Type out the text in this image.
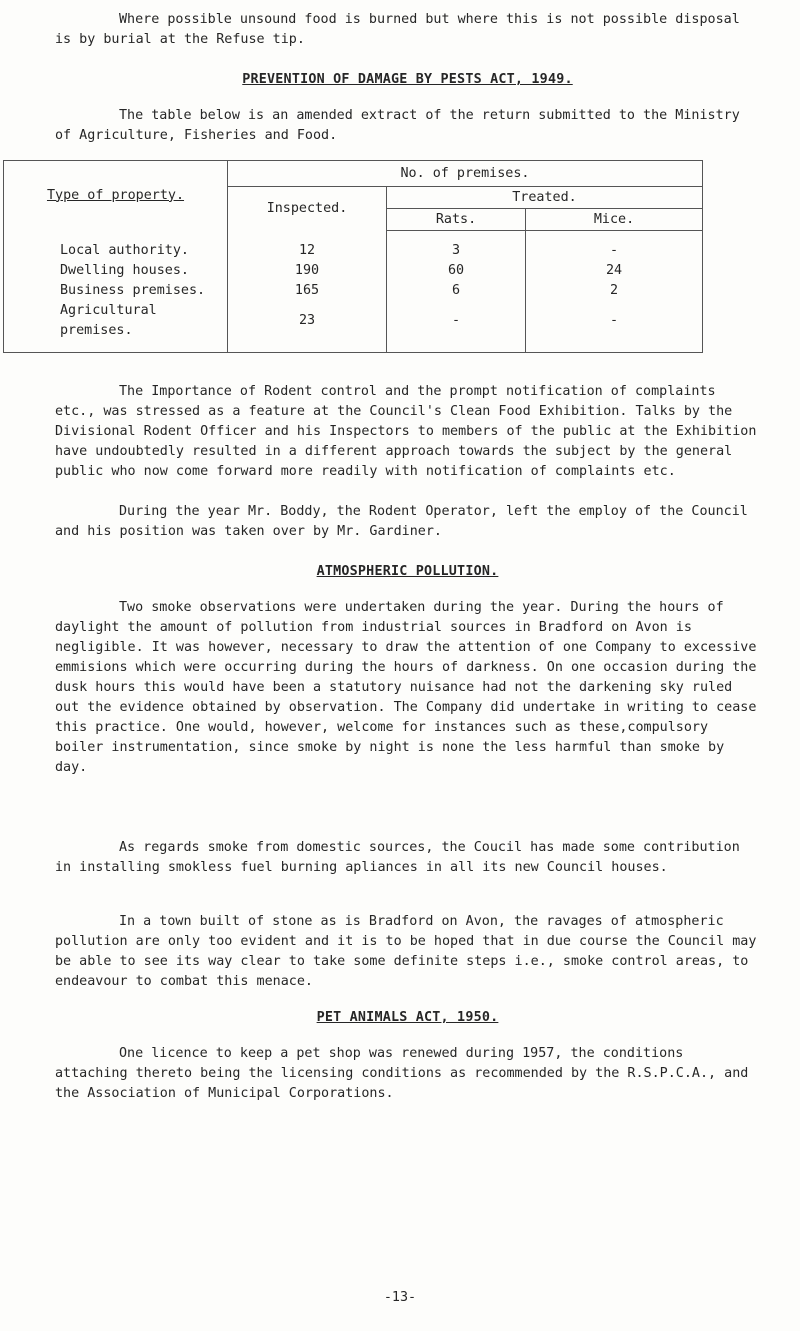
Where possible unsound food is burned but where this is not possible disposal is by burial at the Refuse tip.

PREVENTION OF DAMAGE BY PESTS ACT, 1949.

The table below is an amended extract of the return submitted to the Ministry of Agriculture, Fisheries and Food.

Type of property.	No. of premises.		
	Inspected.	Treated.	
		Rats.	Mice.

Local authority.	12	3	-
Dwelling houses.	190	60	24
Business premises.	165	6	2
Agricultural premises.	23	-	-

The Importance of Rodent control and the prompt notification of complaints etc., was stressed as a feature at the Council's Clean Food Exhibition. Talks by the Divisional Rodent Officer and his Inspectors to members of the public at the Exhibition have undoubtedly resulted in a different approach towards the subject by the general public who now come forward more readily with notification of complaints etc.

During the year Mr. Boddy, the Rodent Operator, left the employ of the Council and his position was taken over by Mr. Gardiner.

ATMOSPHERIC POLLUTION.

Two smoke observations were undertaken during the year. During the hours of daylight the amount of pollution from industrial sources in Bradford on Avon is negligible. It was however, necessary to draw the attention of one Company to excessive emmisions which were occurring during the hours of darkness. On one occasion during the dusk hours this would have been a statutory nuisance had not the darkening sky ruled out the evidence obtained by observation. The Company did undertake in writing to cease this practice. One would, however, welcome for instances such as these,compulsory boiler instrumentation, since smoke by night is none the less harmful than smoke by day.

As regards smoke from domestic sources, the Coucil has made some contribution in installing smokless fuel burning apliances in all its new Council houses.

In a town built of stone as is Bradford on Avon, the ravages of atmospheric pollution are only too evident and it is to be hoped that in due course the Council may be able to see its way clear to take some definite steps i.e., smoke control areas, to endeavour to combat this menace.

PET ANIMALS ACT, 1950.

One licence to keep a pet shop was renewed during 1957, the conditions attaching thereto being the licensing conditions as recommended by the R.S.P.C.A., and the Association of Municipal Corporations.

-13-
